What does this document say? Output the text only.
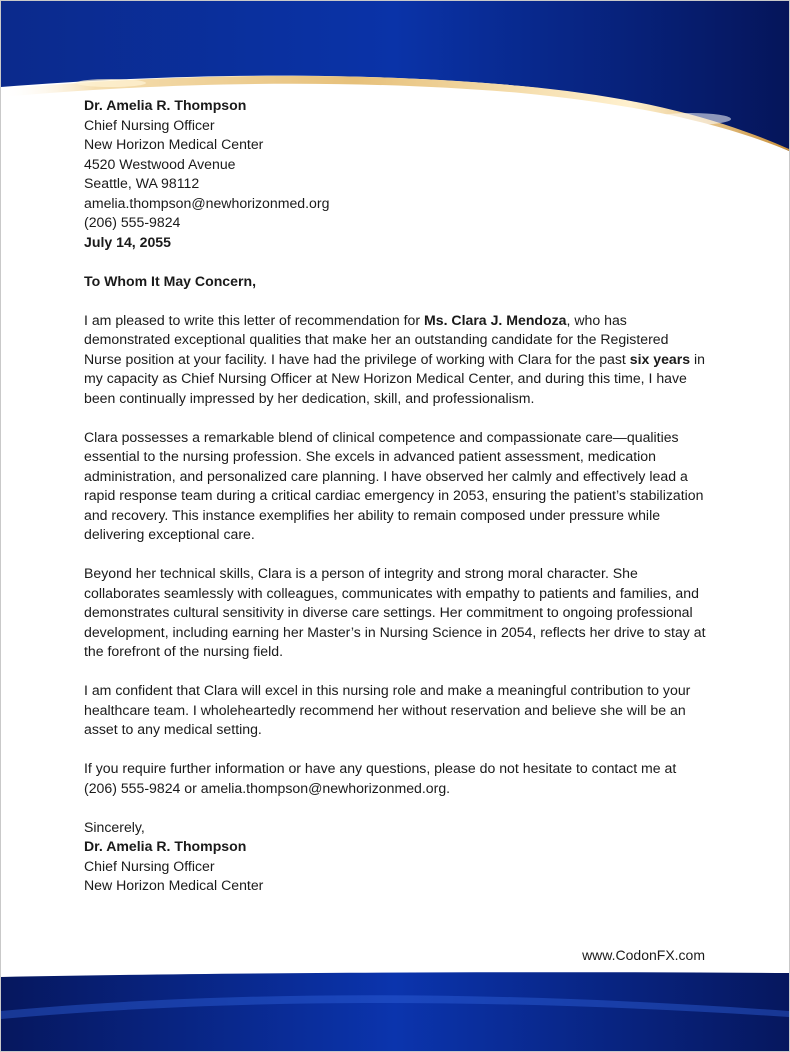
Dr. Amelia R. Thompson
Chief Nursing Officer
New Horizon Medical Center
4520 Westwood Avenue
Seattle, WA 98112
amelia.thompson@newhorizonmed.org
(206) 555-9824
July 14, 2055
To Whom It May Concern,

I am pleased to write this letter of recommendation for Ms. Clara J. Mendoza, who has demonstrated exceptional qualities that make her an outstanding candidate for the Registered Nurse position at your facility. I have had the privilege of working with Clara for the past six years in my capacity as Chief Nursing Officer at New Horizon Medical Center, and during this time, I have been continually impressed by her dedication, skill, and professionalism.

Clara possesses a remarkable blend of clinical competence and compassionate care—qualities essential to the nursing profession. She excels in advanced patient assessment, medication administration, and personalized care planning. I have observed her calmly and effectively lead a rapid response team during a critical cardiac emergency in 2053, ensuring the patient’s stabilization and recovery. This instance exemplifies her ability to remain composed under pressure while delivering exceptional care.

Beyond her technical skills, Clara is a person of integrity and strong moral character. She collaborates seamlessly with colleagues, communicates with empathy to patients and families, and demonstrates cultural sensitivity in diverse care settings. Her commitment to ongoing professional development, including earning her Master’s in Nursing Science in 2054, reflects her drive to stay at the forefront of the nursing field.

I am confident that Clara will excel in this nursing role and make a meaningful contribution to your healthcare team. I wholeheartedly recommend her without reservation and believe she will be an asset to any medical setting.

If you require further information or have any questions, please do not hesitate to contact me at (206) 555-9824 or amelia.thompson@newhorizonmed.org.

Sincerely,
Dr. Amelia R. Thompson
Chief Nursing Officer
New Horizon Medical Center
www.CodonFX.com
